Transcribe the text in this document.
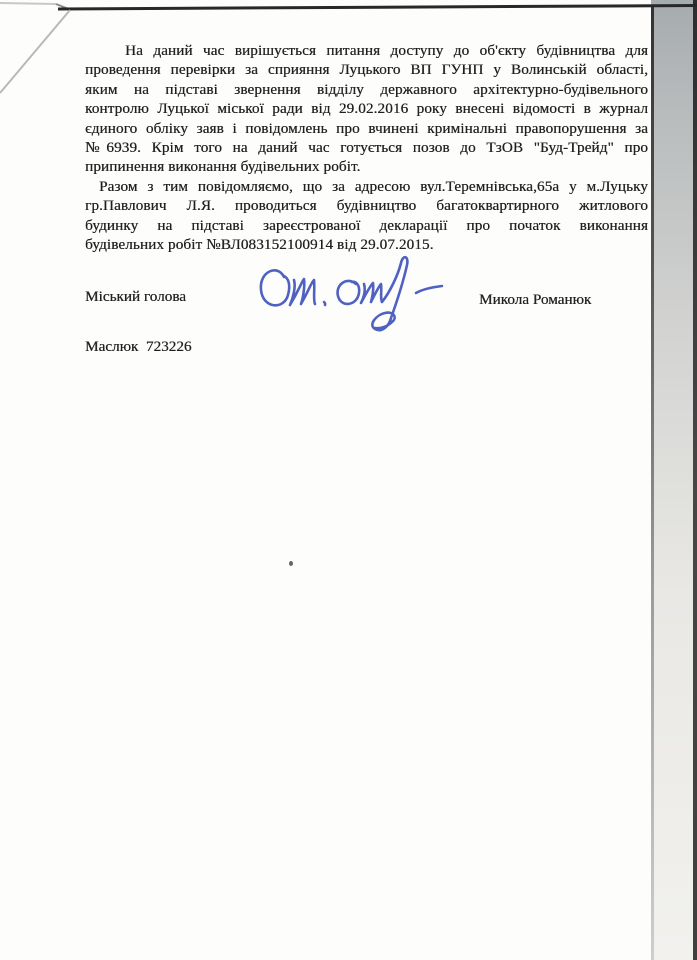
На даний час вирішується питання доступу до об'єкту будівництва для
проведення перевірки за сприяння Луцького ВП ГУНП у Волинській області,
яким на підставі звернення відділу державного архітектурно-будівельного
контролю Луцької міської ради від 29.02.2016 року внесені відомості в журнал
єдиного обліку заяв і повідомлень про вчинені кримінальні правопорушення за
№6939. Крім того на даний час готується позов до ТзОВ "Буд-Трейд" про
припинення виконання будівельних робіт.
Разом з тим повідомляємо, що за адресою вул.Теремнівська,65а у м.Луцьку
гр.Павлович Л.Я. проводиться будівництво багатоквартирного житлового
будинку на підставі зареєстрованої декларації про початок виконання
будівельних робіт №ВЛ083152100914 від 29.07.2015.
Міський голова	Микола Романюк
Маслюк  723226
